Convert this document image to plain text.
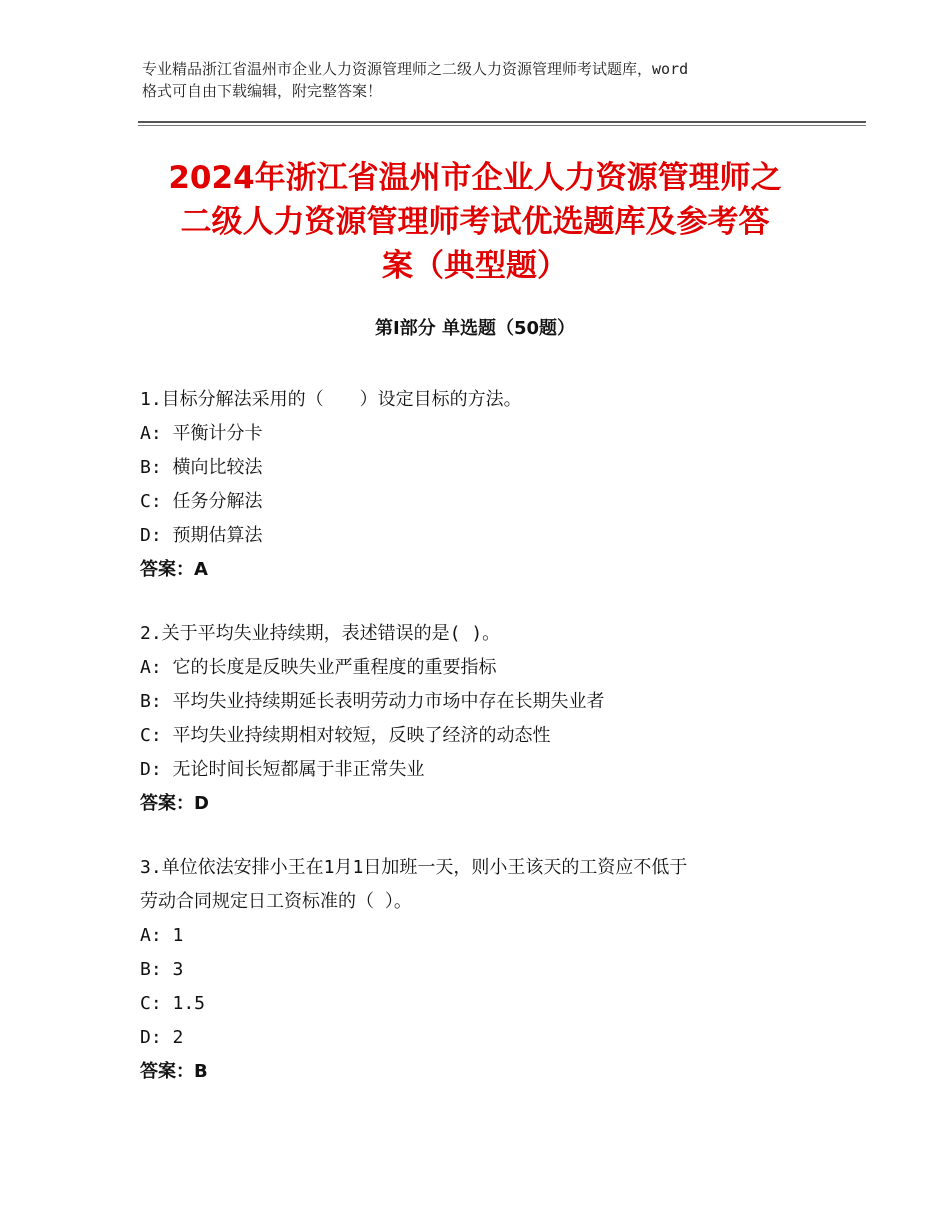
专业精品浙江省温州市企业人力资源管理师之二级人力资源管理师考试题库，word
格式可自由下载编辑，附完整答案！
2024年浙江省温州市企业人力资源管理师之
二级人力资源管理师考试优选题库及参考答
案（典型题）
第Ⅰ部分 单选题（50题）
1.目标分解法采用的（　　）设定目标的方法。
A: 平衡计分卡
B: 横向比较法
C: 任务分解法
D: 预期估算法
答案：A
2.关于平均失业持续期，表述错误的是( )。
A: 它的长度是反映失业严重程度的重要指标
B: 平均失业持续期延长表明劳动力市场中存在长期失业者
C: 平均失业持续期相对较短，反映了经济的动态性
D: 无论时间长短都属于非正常失业
答案：D
3.单位依法安排小王在1月1日加班一天，则小王该天的工资应不低于
劳动合同规定日工资标准的（ ）。
A: 1
B: 3
C: 1.5
D: 2
答案：B
